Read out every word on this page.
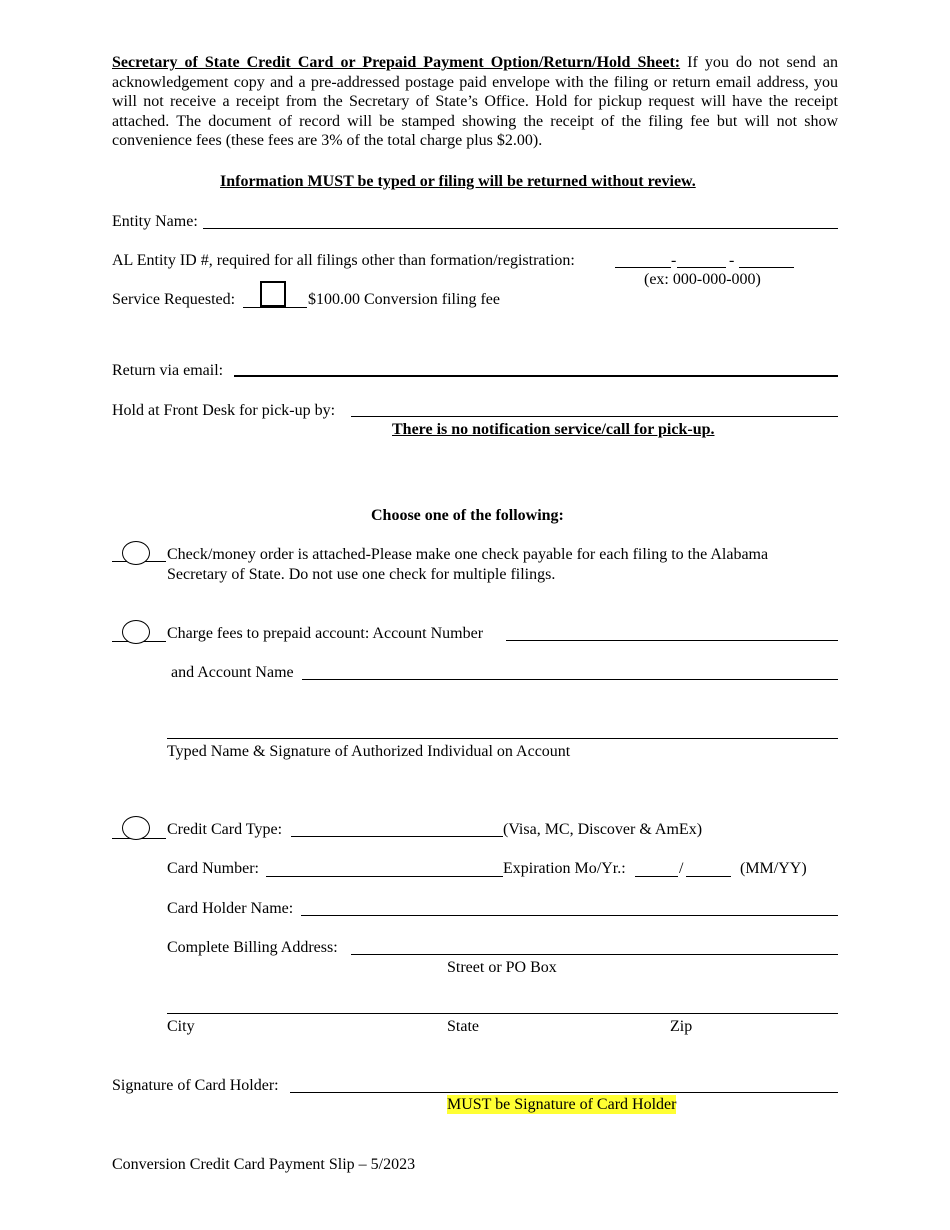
Secretary of State Credit Card or Prepaid Payment Option/Return/Hold Sheet: If you do not send an acknowledgement copy and a pre-addressed postage paid envelope with the filing or return email address, you will not receive a receipt from the Secretary of State’s Office. Hold for pickup request will have the receipt attached. The document of record will be stamped showing the receipt of the filing fee but will not show convenience fees (these fees are 3% of the total charge plus $2.00).
Information MUST be typed or filing will be returned without review.
Entity Name:
AL Entity ID #, required for all filings other than formation/registration:	-	-
(ex: 000-000-000)
Service Requested:	$100.00 Conversion filing fee
Return via email:
Hold at Front Desk for pick-up by:
There is no notification service/call for pick-up.
Choose one of the following:
Check/money order is attached-Please make one check payable for each filing to the Alabama
Secretary of State. Do not use one check for multiple filings.
Charge fees to prepaid account: Account Number
and Account Name
Typed Name & Signature of Authorized Individual on Account
Credit Card Type:	(Visa, MC, Discover & AmEx)
Card Number:	Expiration Mo/Yr.:	/	(MM/YY)
Card Holder Name:
Complete Billing Address:
Street or PO Box
City	State	Zip
Signature of Card Holder:
MUST be Signature of Card Holder
Conversion Credit Card Payment Slip – 5/2023
